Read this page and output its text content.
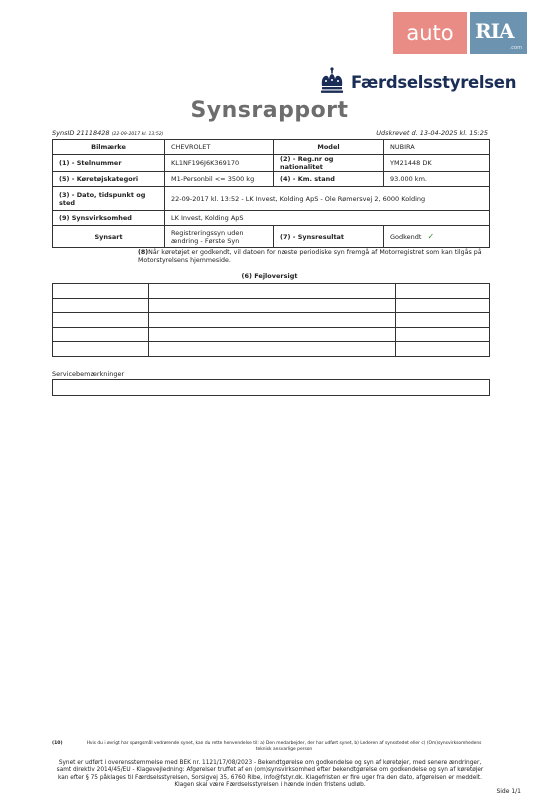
auto	RIA
.com
Færdselsstyrelsen
Synsrapport
SynsID 21118428 (22-09-2017 kl. 13:52)	Udskrevet d. 13-04-2025 kl. 15:25
Bilmærke	CHEVROLET	Model	NUBIRA
(1) - Stelnummer	KL1NF196J6K369170	(2) - Reg.nr og nationalitet	YM21448 DK
(5) - Køretøjskategori	M1-Personbil <= 3500 kg	(4) - Km. stand	93.000 km.
(3) - Dato, tidspunkt og sted	22-09-2017 kl. 13:52 - LK Invest, Kolding ApS - Ole Rømersvej 2, 6000 Kolding		
(9) Synsvirksomhed	LK Invest, Kolding ApS		
Synsart	Registreringssyn uden ændring - Første Syn	(7) - Synsresultat	Godkendt ✓
(8)Når køretøjet er godkendt, vil datoen for næste periodiske syn fremgå af Motorregistret som kan tilgås på Motorstyrelsens hjemmeside.
(6) Fejloversigt

Servicebemærkninger
(10)	Hvis du i øvrigt har spørgsmål vedrørende synet, kan du rette henvendelse til: a) Den medarbejder, der har udført synet, b) Lederen af synsstedet eller c) (Om)synsvirksomhedens teknisk ansvarlige person
Synet er udført i overensstemmelse med BEK nr. 1121/17/08/2023 - Bekendtgørelse om godkendelse og syn af køretøjer, med senere ændringer,
samt direktiv 2014/45/EU - Klagevejledning: Afgørelser truffet af en (om)synsvirksomhed efter bekendtgørelse om godkendelse og syn af køretøjer
kan efter § 75 påklages til Færdselsstyrelsen, Sorsigvej 35, 6760 Ribe, info@fstyr.dk. Klagefristen er fire uger fra den dato, afgørelsen er meddelt.
Klagen skal være Færdselsstyrelsen i hænde inden fristens udløb.
Side 1/1
